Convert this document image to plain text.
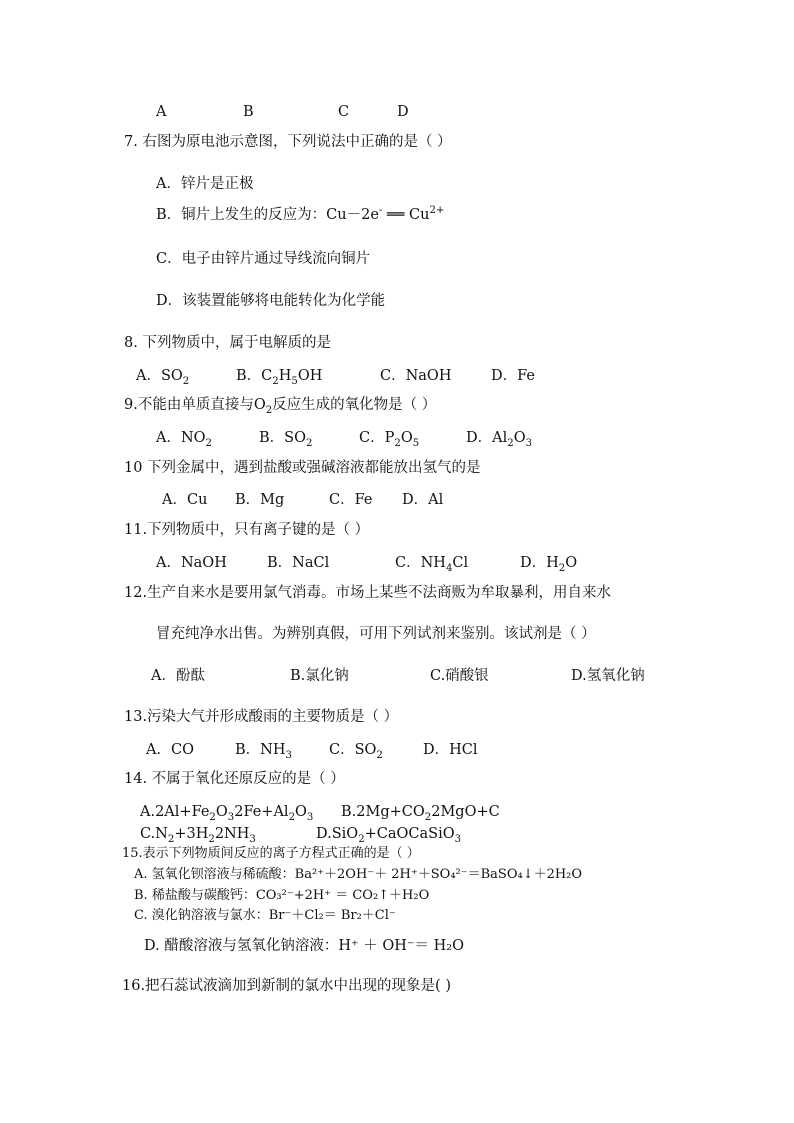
A	B	C	D
7. 右图为原电池示意图，下列说法中正确的是（ ）
A．锌片是正极
B．铜片上发生的反应为：Cu－2e- ══ $Cu^{2+}$
C．电子由锌片通过导线流向铜片
D．该装置能够将电能转化为化学能
8. 下列物质中，属于电解质的是
A．$SO_2$	B．$C_2H_5OH$	C．NaOH	D．Fe
9.不能由单质直接与$O_2$反应生成的氧化物是（ ）
A．$NO_2$	B．$SO_2$	C．$P_2O_5$	D．$Al_2O_3$
10 下列金属中，遇到盐酸或强碱溶液都能放出氢气的是
A．Cu B．Mg	C．Fe D．Al
11.下列物质中，只有离子键的是（ ）
A．NaOH	B．NaCl	C．$NH_4Cl$	D．$H_2O$
12.生产自来水是要用氯气消毒。市场上某些不法商贩为牟取暴利，用自来水
冒充纯净水出售。为辨别真假，可用下列试剂来鉴别。该试剂是（ ）
A．酚酞	B.氯化钠	C.硝酸银	D.氢氧化钠
13.污染大气并形成酸雨的主要物质是（ ）
A．CO	B．$NH_3$	C．$SO_2$	D．HCl
14. 不属于氧化还原反应的是（ ）
$A.2Al+Fe_2O_32Fe+Al_2O_3$ $B.2Mg+CO_22MgO+C$
$C.N_2+3H_22NH_3$	D.SiO$_2$+CaOCaSiO$_3$
15.表示下列物质间反应的离子方程式正确的是（ ）
A. 氢氧化钡溶液与稀硫酸：Ba²⁺＋2OH⁻＋ 2H⁺＋SO₄²⁻＝BaSO₄↓＋2H₂O
B. 稀盐酸与碳酸钙：CO₃²⁻+2H⁺ ＝ CO₂↑＋H₂O
C. 溴化钠溶液与氯水：Br⁻＋Cl₂＝ Br₂＋Cl⁻
D. 醋酸溶液与氢氧化钠溶液：H⁺ ＋ OH⁻＝ H₂O
16.把石蕊试液滴加到新制的氯水中出现的现象是( )
